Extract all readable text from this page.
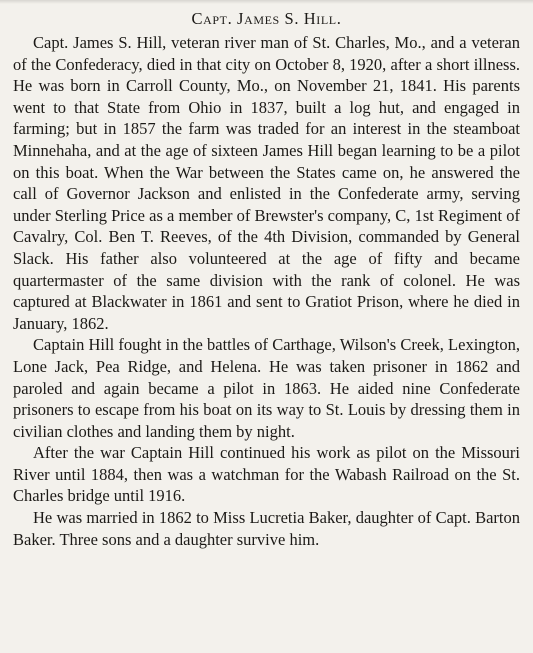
Capt. James S. Hill.

Capt. James S. Hill, veteran river man of St. Charles, Mo., and a veteran of the Confederacy, died in that city on October 8, 1920, after a short illness. He was born in Carroll County, Mo., on November 21, 1841. His parents went to that State from Ohio in 1837, built a log hut, and engaged in farming; but in 1857 the farm was traded for an interest in the steamboat Minnehaha, and at the age of sixteen James Hill began learning to be a pilot on this boat. When the War between the States came on, he answered the call of Governor Jackson and enlisted in the Confederate army, serving under Sterling Price as a member of Brewster's company, C, 1st Regiment of Cavalry, Col. Ben T. Reeves, of the 4th Division, commanded by General Slack. His father also volunteered at the age of fifty and became quartermaster of the same division with the rank of colonel. He was captured at Blackwater in 1861 and sent to Gratiot Prison, where he died in January, 1862.

Captain Hill fought in the battles of Carthage, Wilson's Creek, Lexington, Lone Jack, Pea Ridge, and Helena. He was taken prisoner in 1862 and paroled and again became a pilot in 1863. He aided nine Confederate prisoners to escape from his boat on its way to St. Louis by dressing them in civilian clothes and landing them by night.

After the war Captain Hill continued his work as pilot on the Missouri River until 1884, then was a watchman for the Wabash Railroad on the St. Charles bridge until 1916.

He was married in 1862 to Miss Lucretia Baker, daughter of Capt. Barton Baker. Three sons and a daughter survive him.
